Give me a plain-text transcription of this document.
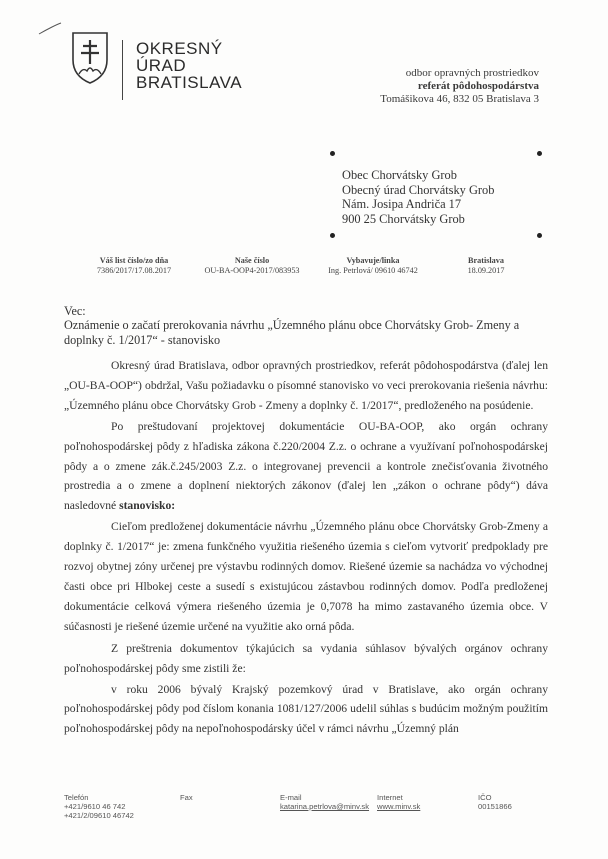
OKRESNÝ
ÚRAD
BRATISLAVA	odbor opravných prostriedkov
referát pôdohospodárstva
Tomášikova 46, 832 05 Bratislava 3
Obec Chorvátsky Grob
Obecný úrad Chorvátsky Grob
Nám. Josipa Andriča 17
900 25 Chorvátsky Grob
Váš list číslo/zo dňa
7386/2017/17.08.2017
Naše číslo
OU-BA-OOP4-2017/083953
Vybavuje/linka
Ing. Petrlová/ 09610 46742
Bratislava
18.09.2017
Vec:
Oznámenie o začatí prerokovania návrhu „Územného plánu obce Chorvátsky Grob- Zmeny a doplnky č. 1/2017“ - stanovisko

Okresný úrad Bratislava, odbor opravných prostriedkov, referát pôdohospodárstva (ďalej len „OU-BA-OOP“) obdržal, Vašu požiadavku o písomné stanovisko vo veci prerokovania riešenia návrhu: „Územného plánu obce Chorvátsky Grob - Zmeny a doplnky č. 1/2017“, predloženého na posúdenie.

Po preštudovaní projektovej dokumentácie OU-BA-OOP, ako orgán ochrany poľnohospodárskej pôdy z hľadiska zákona č.220/2004 Z.z. o ochrane a využívaní poľnohospodárskej pôdy a o zmene zák.č.245/2003 Z.z. o integrovanej prevencii a kontrole znečisťovania životného prostredia a o zmene a doplnení niektorých zákonov (ďalej len „zákon o ochrane pôdy“) dáva nasledovné stanovisko:

Cieľom predloženej dokumentácie návrhu „Územného plánu obce Chorvátsky Grob-Zmeny a doplnky č. 1/2017“ je: zmena funkčného využitia riešeného územia s cieľom vytvoriť predpoklady pre rozvoj obytnej zóny určenej pre výstavbu rodinných domov. Riešené územie sa nachádza vo východnej časti obce pri Hlbokej ceste a susedí s existujúcou zástavbou rodinných domov. Podľa predloženej dokumentácie celková výmera riešeného územia je 0,7078 ha mimo zastavaného územia obce. V súčasnosti je riešené územie určené na využitie ako orná pôda.

Z preštrenia dokumentov týkajúcich sa vydania súhlasov bývalých orgánov ochrany poľnohospodárskej pôdy sme zistili že:

v roku 2006 bývalý Krajský pozemkový úrad v Bratislave, ako orgán ochrany poľnohospodárskej pôdy pod číslom konania 1081/127/2006 udelil súhlas s budúcim možným použitím poľnohospodárskej pôdy na nepoľnohospodársky účel v rámci návrhu „Územný plán

Telefón
+421/9610 46 742
+421/2/09610 46742
Fax	E-mail
katarina.petrlova@minv.sk
Internet
www.minv.sk
IČO
00151866
